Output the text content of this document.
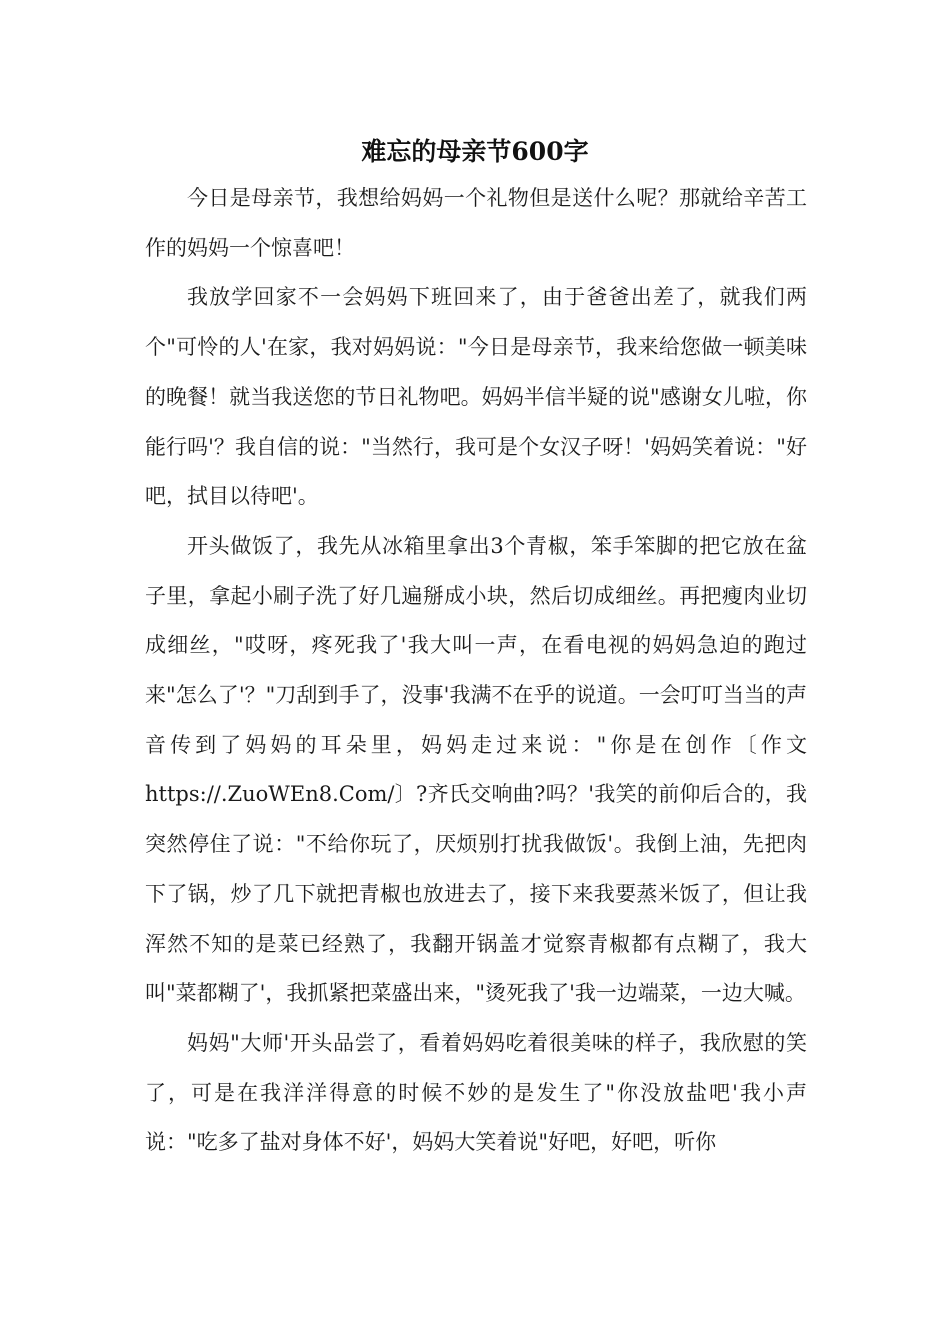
难忘的母亲节600字

今日是母亲节，我想给妈妈一个礼物但是送什么呢？那就给辛苦工作的妈妈一个惊喜吧！

我放学回家不一会妈妈下班回来了，由于爸爸出差了，就我们两个"可怜的人'在家，我对妈妈说："今日是母亲节，我来给您做一顿美味的晚餐！就当我送您的节日礼物吧。妈妈半信半疑的说"感谢女儿啦，你能行吗'？我自信的说："当然行，我可是个女汉子呀！'妈妈笑着说："好吧，拭目以待吧'。

开头做饭了，我先从冰箱里拿出3个青椒，笨手笨脚的把它放在盆子里，拿起小刷子洗了好几遍掰成小块，然后切成细丝。再把瘦肉业切成细丝，"哎呀，疼死我了'我大叫一声，在看电视的妈妈急迫的跑过来"怎么了'？"刀刮到手了，没事'我满不在乎的说道。一会叮叮当当的声音传到了妈妈的耳朵里，妈妈走过来说："你是在创作〔作文https://.ZuoWEn8.Com/〕?齐氏交响曲?吗？'我笑的前仰后合的，我突然停住了说："不给你玩了，厌烦别打扰我做饭'。我倒上油，先把肉下了锅，炒了几下就把青椒也放进去了，接下来我要蒸米饭了，但让我浑然不知的是菜已经熟了，我翻开锅盖才觉察青椒都有点糊了，我大叫"菜都糊了'，我抓紧把菜盛出来，"烫死我了'我一边端菜，一边大喊。

妈妈"大师'开头品尝了，看着妈妈吃着很美味的样子，我欣慰的笑了，可是在我洋洋得意的时候不妙的是发生了"你没放盐吧'我小声说："吃多了盐对身体不好'，妈妈大笑着说"好吧，好吧，听你
